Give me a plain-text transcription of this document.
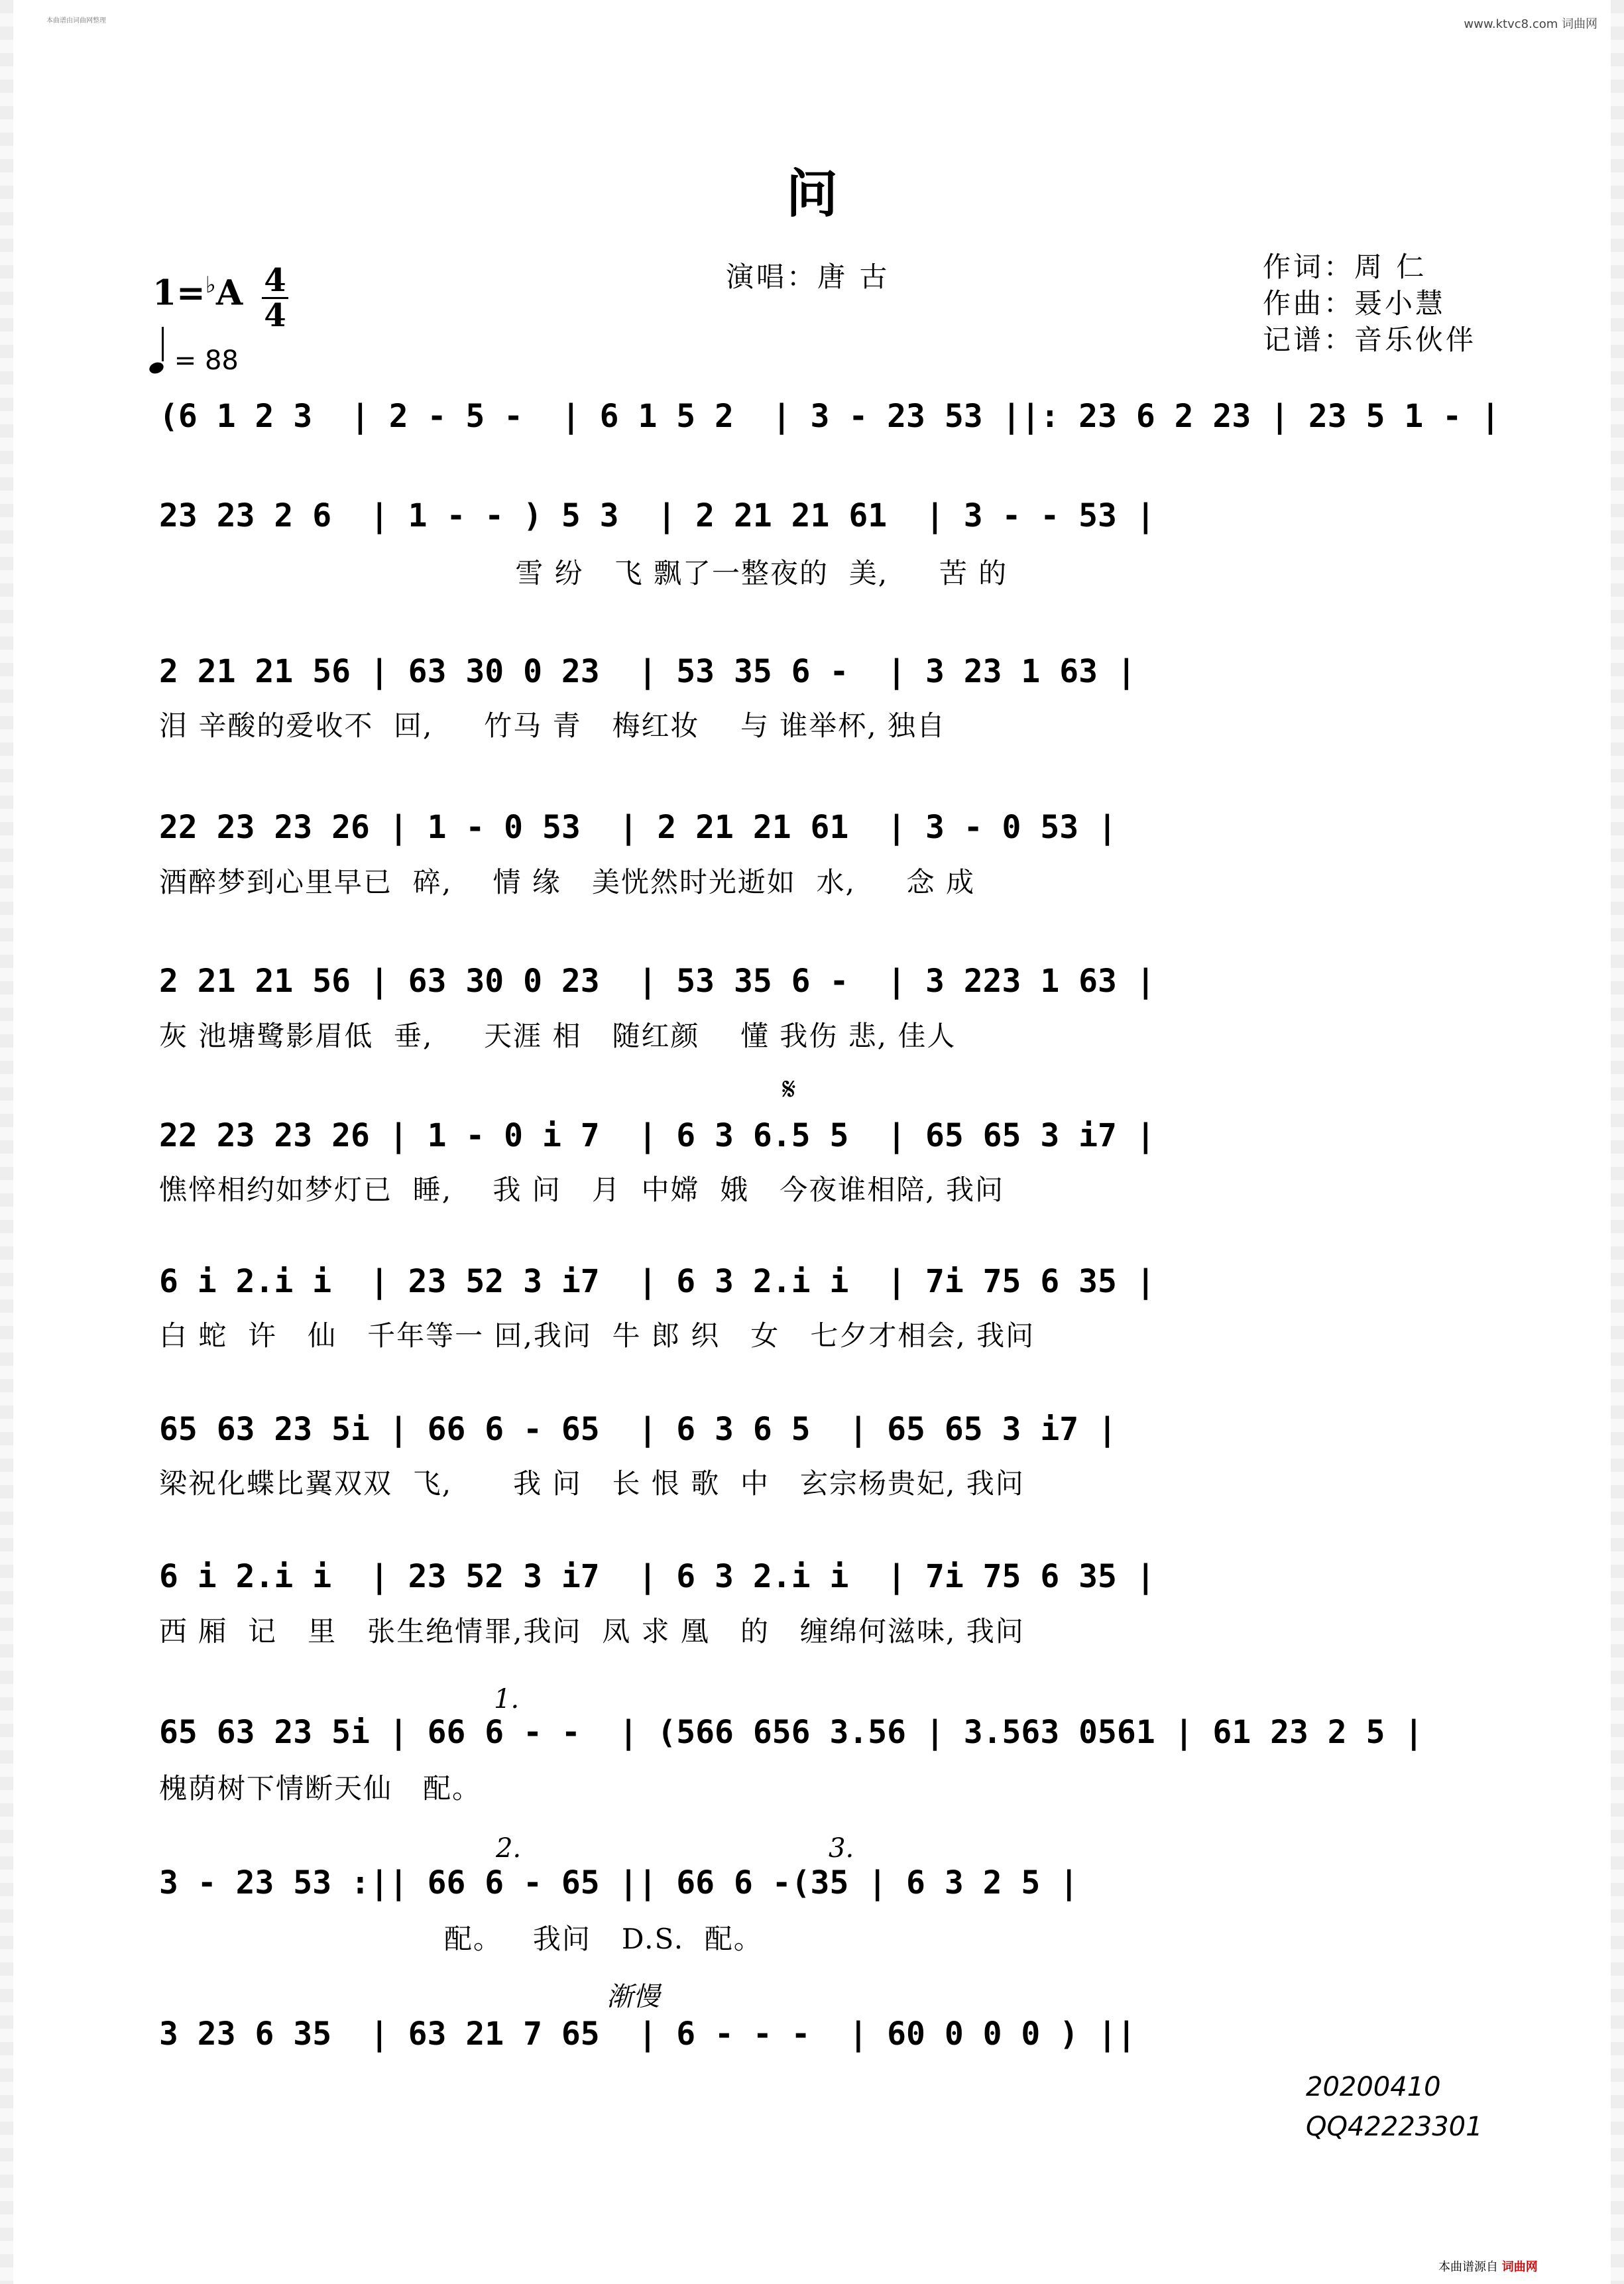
本曲谱由词曲网整理	www.ktvc8.com 词曲网
问
演唱：唐 古	作词：周 仁
作曲：聂小慧
记谱：音乐伙伴
1=♭A 4
4
= 88
(6 1 2 3  | 2 - 5 -  | 6 1 5 2  | 3 - 23 53 ||: 23 6 2 23 | 23 5 1 - |
23 23 2 6  | 1 - - ) 5 3  | 2 21 21 61  | 3 - - 53 |
雪 纷   飞 飘了一整夜的  美,     苦 的
2 21 21 56 | 63 30 0 23  | 53 35 6 -  | 3 23 1 63 |
泪 辛酸的爱收不  回,     竹马 青   梅红妆    与 谁举杯, 独自
22 23 23 26 | 1 - 0 53  | 2 21 21 61  | 3 - 0 53 |
酒醉梦到心里早已  碎,    情 缘   美恍然时光逝如  水,     念 成
2 21 21 56 | 63 30 0 23  | 53 35 6 -  | 3 223 1 63 |
灰 池塘鹭影眉低  垂,     天涯 相   随红颜    懂 我伤 悲, 佳人
𝄋
22 23 23 26 | 1 - 0 i 7  | 6 3 6.5 5  | 65 65 3 i7 |
憔悴相约如梦灯已  睡,    我 问   月  中嫦  娥   今夜谁相陪, 我问
6 i 2.i i  | 23 52 3 i7  | 6 3 2.i i  | 7i 75 6 35 |
白 蛇  许   仙   千年等一 回,我问  牛 郎 织   女   七夕才相会, 我问
65 63 23 5i | 66 6 - 65  | 6 3 6 5  | 65 65 3 i7 |
梁祝化蝶比翼双双  飞,      我 问   长 恨 歌  中   玄宗杨贵妃, 我问
6 i 2.i i  | 23 52 3 i7  | 6 3 2.i i  | 7i 75 6 35 |
西 厢  记   里   张生绝情罪,我问  凤 求 凰   的   缠绵何滋味, 我问
1.
65 63 23 5i | 66 6 - -  | (566 656 3.56 | 3.563 0561 | 61 23 2 5 |
槐荫树下情断天仙   配。
2.	3.
3 - 23 53 :|| 66 6 - 65 || 66 6 -(35 | 6 3 2 5 |
配。   我问   D.S.  配。
渐慢
3 23 6 35  | 63 21 7 65  | 6 - - -  | 60 0 0 0 ) ||
20200410
QQ42223301
本曲谱源自 词曲网
